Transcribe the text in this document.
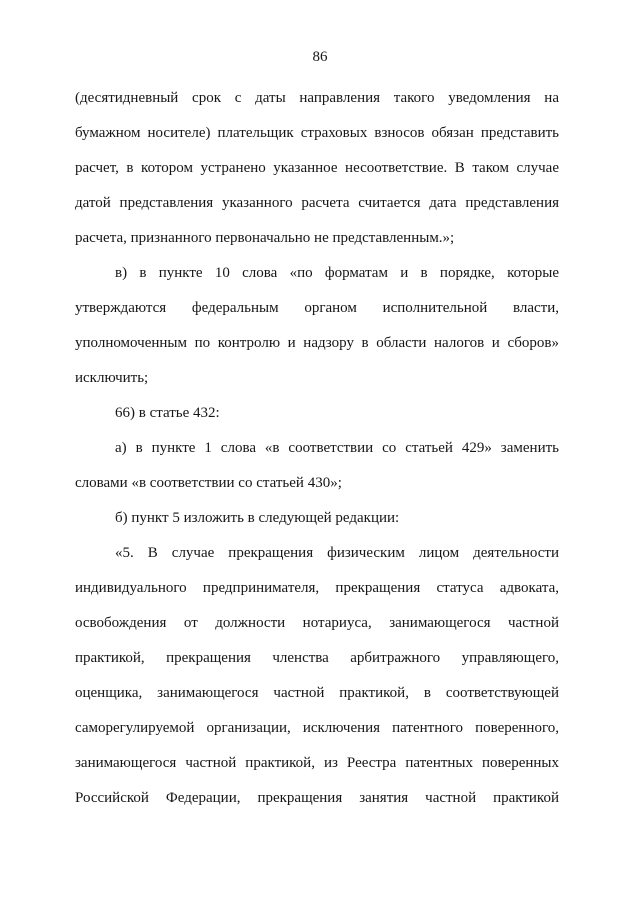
86
(десятидневный срок с даты направления такого уведомления на
бумажном носителе) плательщик страховых взносов обязан представить
расчет, в котором устранено указанное несоответствие. В таком случае
датой представления указанного расчета считается дата представления
расчета, признанного первоначально не представленным.»;
в) в пункте 10 слова «по форматам и в порядке, которые
утверждаются федеральным органом исполнительной власти,
уполномоченным по контролю и надзору в области налогов и сборов»
исключить;
66) в статье 432:
а) в пункте 1 слова «в соответствии со статьей 429» заменить
словами «в соответствии со статьей 430»;
б) пункт 5 изложить в следующей редакции:
«5. В случае прекращения физическим лицом деятельности
индивидуального предпринимателя, прекращения статуса адвоката,
освобождения от должности нотариуса, занимающегося частной
практикой, прекращения членства арбитражного управляющего,
оценщика, занимающегося частной практикой, в соответствующей
саморегулируемой организации, исключения патентного поверенного,
занимающегося частной практикой, из Реестра патентных поверенных
Российской Федерации, прекращения занятия частной практикой
